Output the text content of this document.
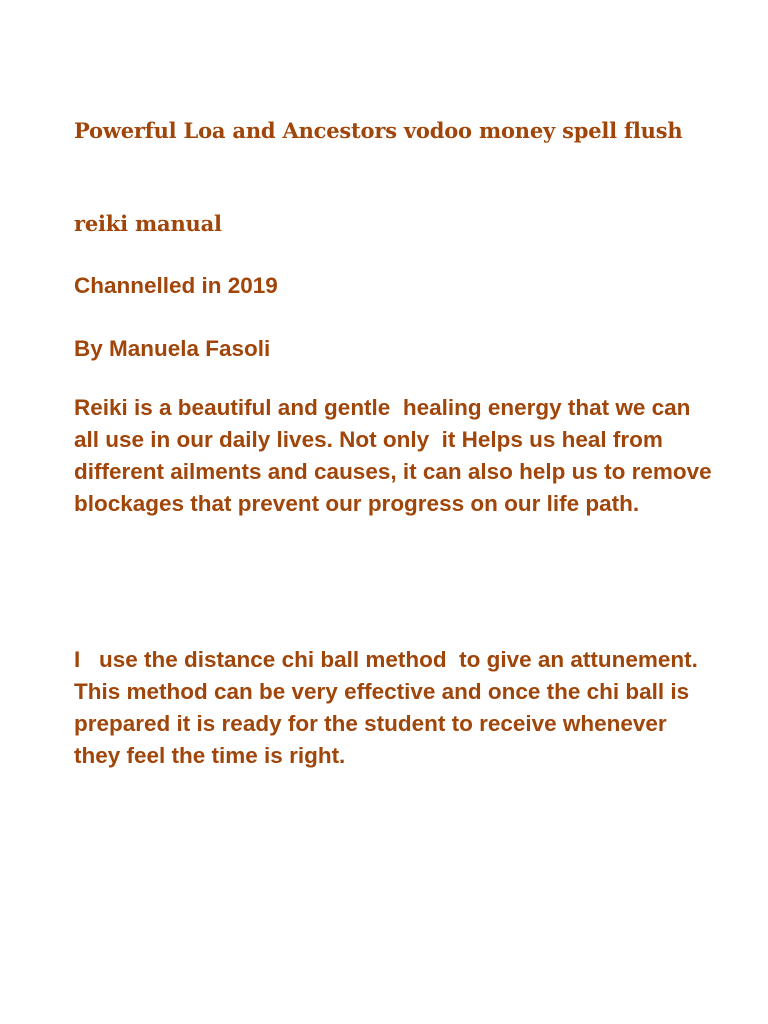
Powerful Loa and Ancestors vodoo money spell flush

reiki manual

Channelled in 2019

By Manuela Fasoli

Reiki is a beautiful and gentle  healing energy that we can all use in our daily lives. Not only  it Helps us heal from different ailments and causes, it can also help us to remove blockages that prevent our progress on our life path.

I   use the distance chi ball method  to give an attunement. This method can be very effective and once the chi ball is prepared it is ready for the student to receive whenever they feel the time is right.
